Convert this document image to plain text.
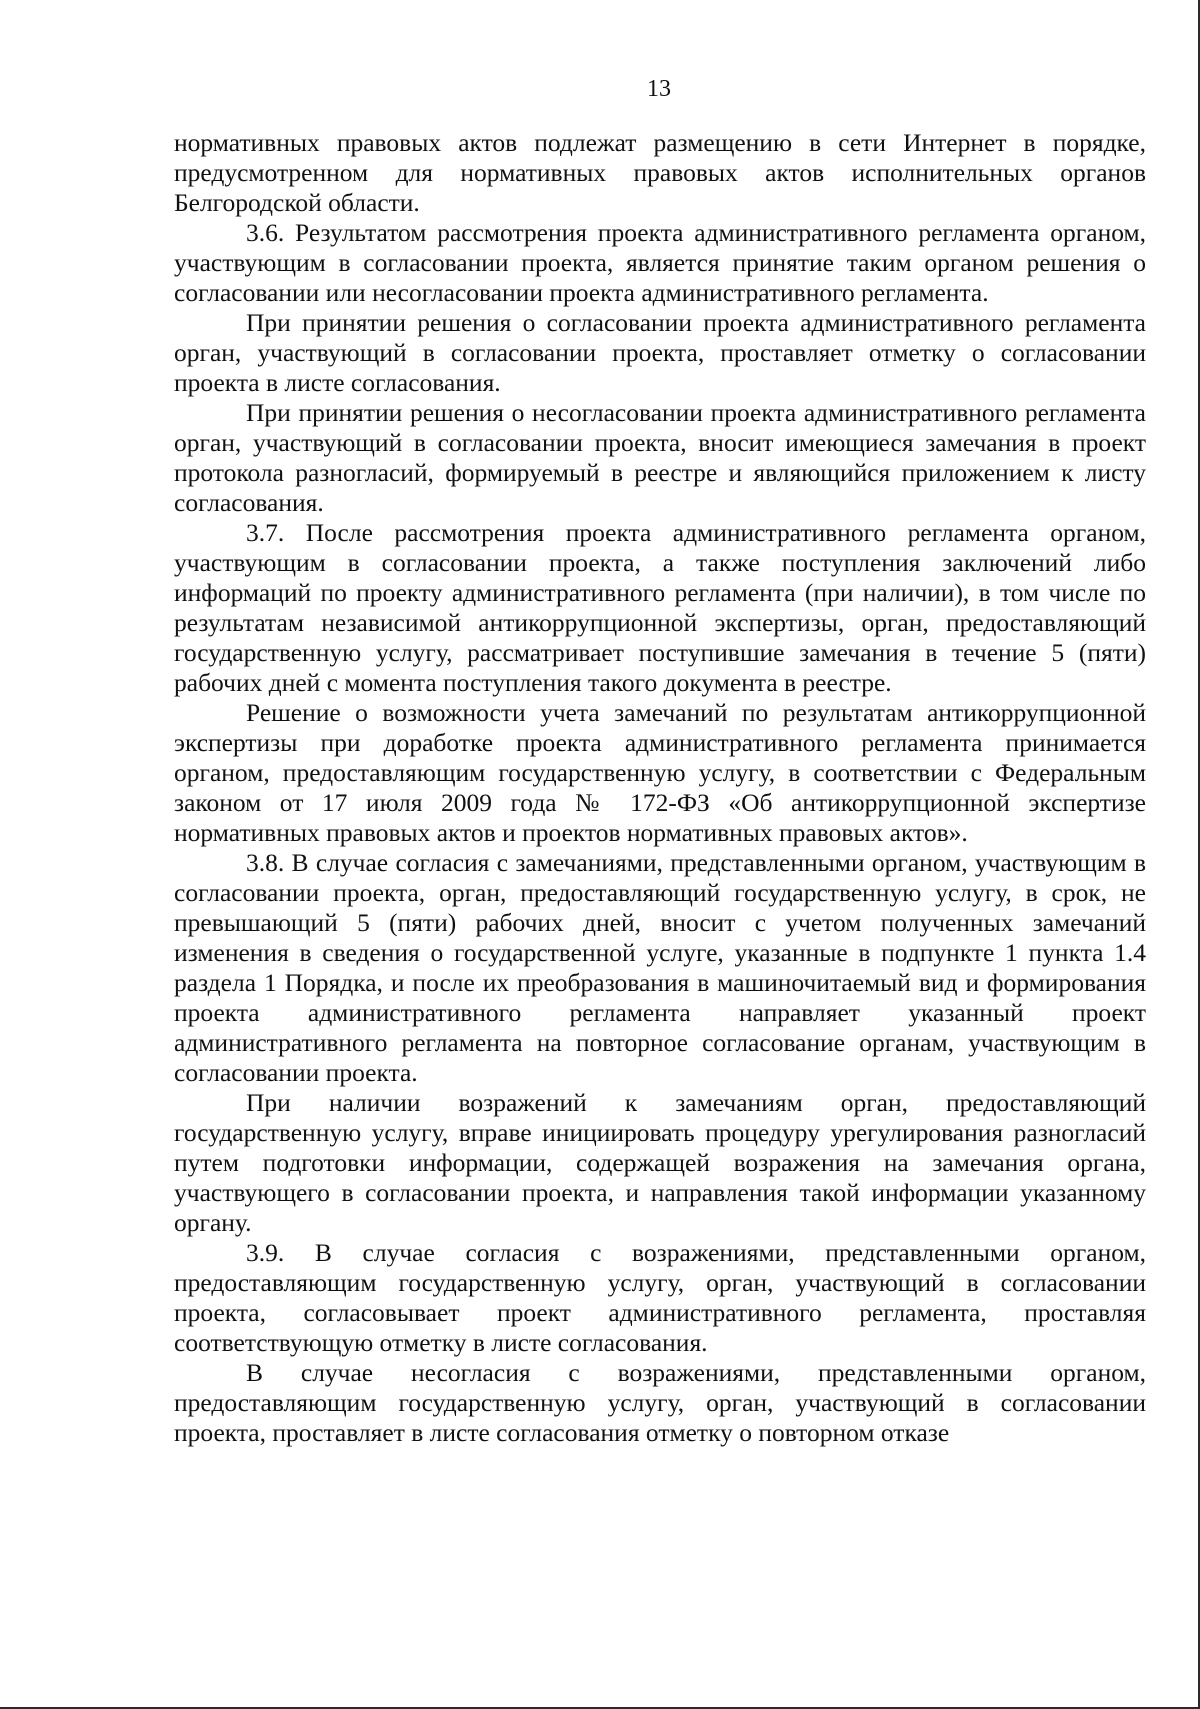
13

нормативных правовых актов подлежат размещению в сети Интернет в порядке, предусмотренном для нормативных правовых актов исполнительных органов Белгородской области.

3.6. Результатом рассмотрения проекта административного регламента органом, участвующим в согласовании проекта, является принятие таким органом решения о согласовании или несогласовании проекта административного регламента.

При принятии решения о согласовании проекта административного регламента орган, участвующий в согласовании проекта, проставляет отметку о согласовании проекта в листе согласования.

При принятии решения о несогласовании проекта административного регламента орган, участвующий в согласовании проекта, вносит имеющиеся замечания в проект протокола разногласий, формируемый в реестре и являющийся приложением к листу согласования.

3.7. После рассмотрения проекта административного регламента органом, участвующим в согласовании проекта, а также поступления заключений либо информаций по проекту административного регламента (при наличии), в том числе по результатам независимой антикоррупционной экспертизы, орган, предоставляющий государственную услугу, рассматривает поступившие замечания в течение 5 (пяти) рабочих дней с момента поступления такого документа в реестре.

Решение о возможности учета замечаний по результатам антикоррупционной экспертизы при доработке проекта административного регламента принимается органом, предоставляющим государственную услугу, в соответствии с Федеральным законом от 17 июля 2009 года № 172-ФЗ «Об антикоррупционной экспертизе нормативных правовых актов и проектов нормативных правовых актов».

3.8. В случае согласия с замечаниями, представленными органом, участвующим в согласовании проекта, орган, предоставляющий государственную услугу, в срок, не превышающий 5 (пяти) рабочих дней, вносит с учетом полученных замечаний изменения в сведения о государственной услуге, указанные в подпункте 1 пункта 1.4 раздела 1 Порядка, и после их преобразования в машиночитаемый вид и формирования проекта административного регламента направляет указанный проект административного регламента на повторное согласование органам, участвующим в согласовании проекта.

При наличии возражений к замечаниям орган, предоставляющий государственную услугу, вправе инициировать процедуру урегулирования разногласий путем подготовки информации, содержащей возражения на замечания органа, участвующего в согласовании проекта, и направления такой информации указанному органу.

3.9. В случае согласия с возражениями, представленными органом, предоставляющим государственную услугу, орган, участвующий в согласовании проекта, согласовывает проект административного регламента, проставляя соответствующую отметку в листе согласования.

В случае несогласия с возражениями, представленными органом, предоставляющим государственную услугу, орган, участвующий в согласовании проекта, проставляет в листе согласования отметку о повторном отказе
